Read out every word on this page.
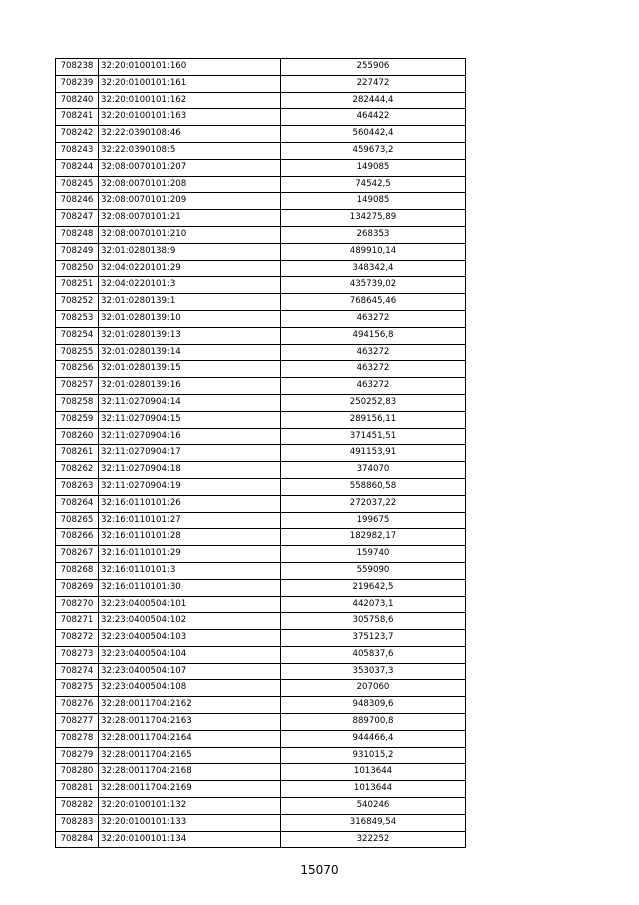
708238	32:20:0100101:160	255906
708239	32:20:0100101:161	227472
708240	32:20:0100101:162	282444,4
708241	32:20:0100101:163	464422
708242	32:22:0390108:46	560442,4
708243	32:22:0390108:5	459673,2
708244	32:08:0070101:207	149085
708245	32:08:0070101:208	74542,5
708246	32:08:0070101:209	149085
708247	32:08:0070101:21	134275,89
708248	32:08:0070101:210	268353
708249	32:01:0280138:9	489910,14
708250	32:04:0220101:29	348342,4
708251	32:04:0220101:3	435739,02
708252	32:01:0280139:1	768645,46
708253	32:01:0280139:10	463272
708254	32:01:0280139:13	494156,8
708255	32:01:0280139:14	463272
708256	32:01:0280139:15	463272
708257	32:01:0280139:16	463272
708258	32:11:0270904:14	250252,83
708259	32:11:0270904:15	289156,11
708260	32:11:0270904:16	371451,51
708261	32:11:0270904:17	491153,91
708262	32:11:0270904:18	374070
708263	32:11:0270904:19	558860,58
708264	32:16:0110101:26	272037,22
708265	32:16:0110101:27	199675
708266	32:16:0110101:28	182982,17
708267	32:16:0110101:29	159740
708268	32:16:0110101:3	559090
708269	32:16:0110101:30	219642,5
708270	32:23:0400504:101	442073,1
708271	32:23:0400504:102	305758,6
708272	32:23:0400504:103	375123,7
708273	32:23:0400504:104	405837,6
708274	32:23:0400504:107	353037,3
708275	32:23:0400504:108	207060
708276	32:28:0011704:2162	948309,6
708277	32:28:0011704:2163	889700,8
708278	32:28:0011704:2164	944466,4
708279	32:28:0011704:2165	931015,2
708280	32:28:0011704:2168	1013644
708281	32:28:0011704:2169	1013644
708282	32:20:0100101:132	540246
708283	32:20:0100101:133	316849,54
708284	32:20:0100101:134	322252
15070
